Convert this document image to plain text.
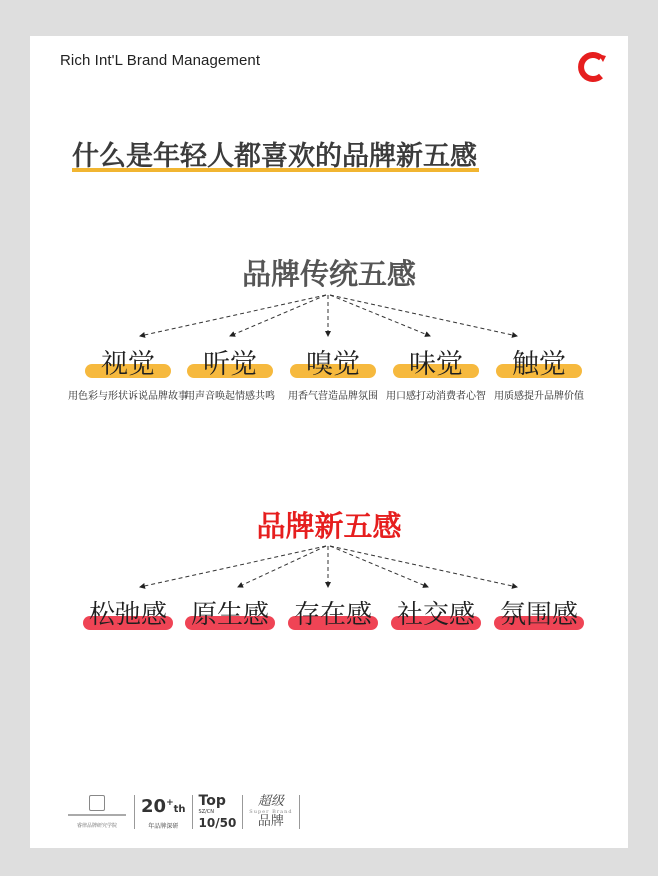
Rich Int'L Brand Management
什么是年轻人都喜欢的品牌新五感
品牌传统五感
视觉
用色彩与形状诉说品牌故事
听觉
用声音唤起情感共鸣
嗅觉
用香气营造品牌氛围
味觉
用口感打动消费者心智
触觉
用质感提升品牌价值
品牌新五感
松弛感 原生感 存在感 社交感 氛围感
睿律品牌研究学院
20+th
年品牌深研
Top
SZ/CN
10/50
超级
Super Brand
品牌
